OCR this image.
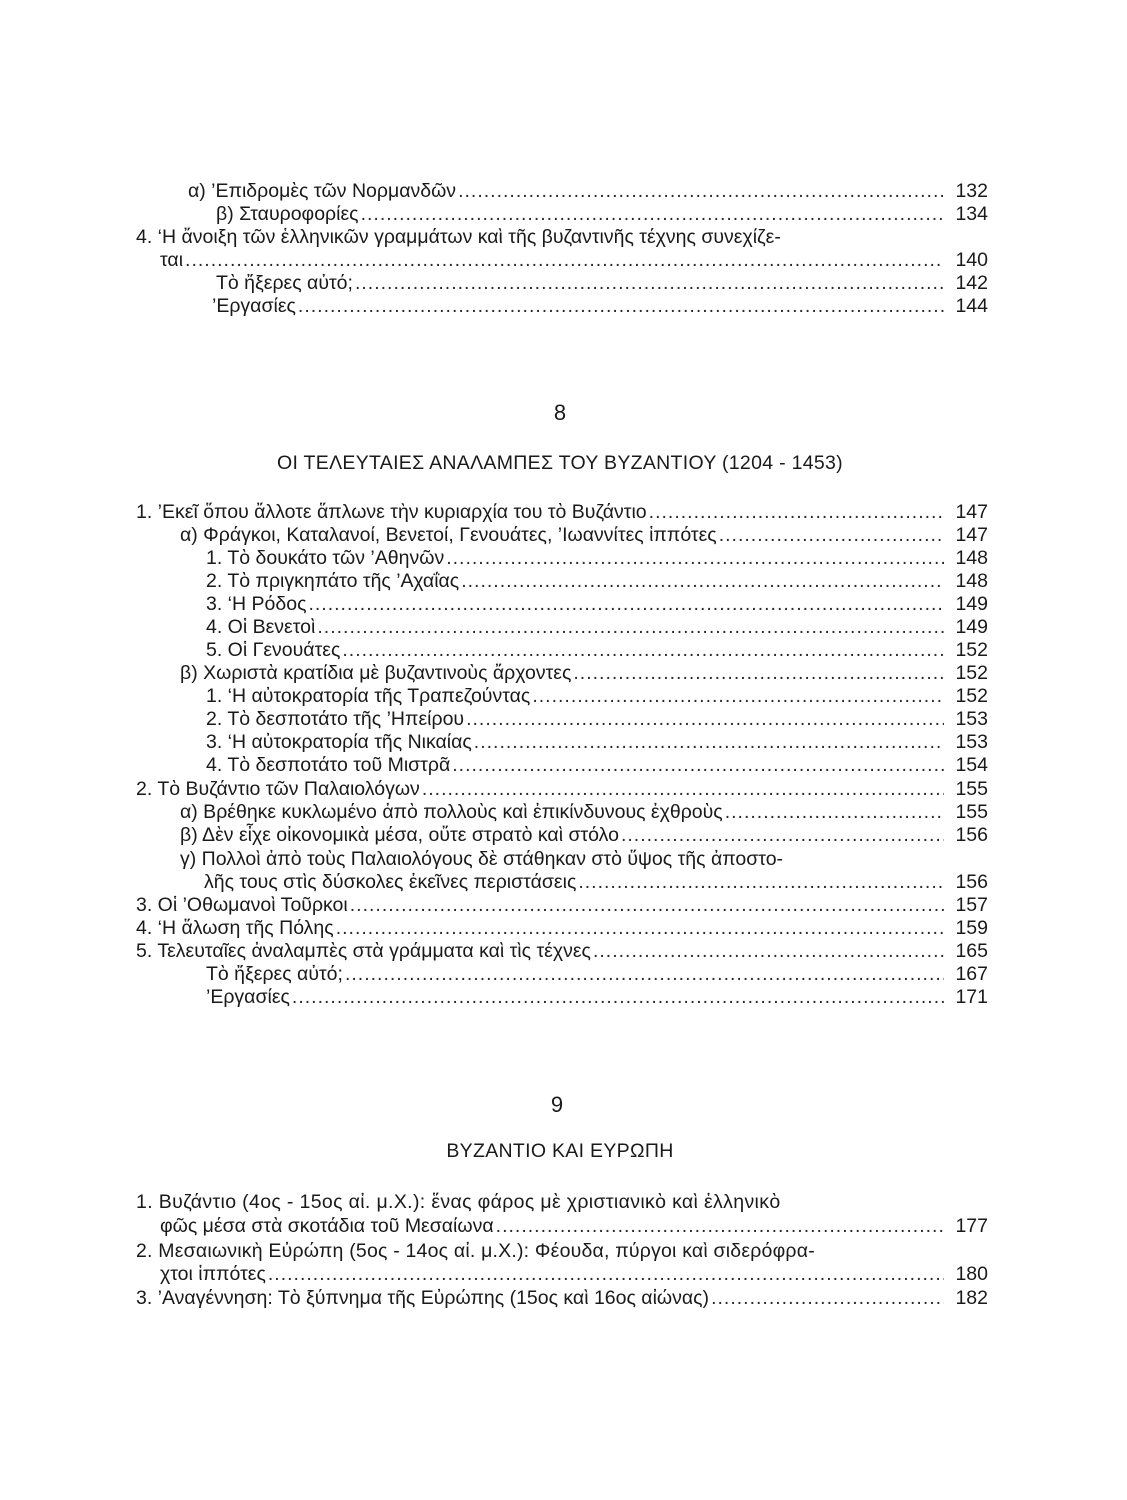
α) ’Επιδρομὲς τῶν Νορμανδῶν .....	132
β) Σταυροφορίες .....	134
4. ‘Η ἄνοιξη τῶν ἑλληνικῶν γραμμάτων καὶ τῆς βυζαντινῆς τέχνης συνεχίζε-
ται .....	140
Τὸ ἤξερες αὐτό; .....	142
’Εργασίες .....	144
8
ΟΙ ΤΕΛΕΥΤΑΙΕΣ ΑΝΑΛΑΜΠΕΣ ΤΟΥ ΒΥΖΑΝΤΙΟΥ (1204 - 1453)
1. ’Εκεῖ ὅπου ἄλλοτε ἅπλωνε τὴν κυριαρχία του τὸ Βυζάντιο .....	147
α) Φράγκοι, Καταλανοί, Βενετοί, Γενουάτες, ’Ιωαννίτες ἱππότες .....	147
1. Τὸ δουκάτο τῶν ’Αθηνῶν .....	148
2. Τὸ πριγκηπάτο τῆς ’Αχαΐας .....	148
3. ‘Η Ρόδος .....	149
4. Οἱ Βενετοὶ .....	149
5. Οἱ Γενουάτες .....	152
β) Χωριστὰ κρατίδια μὲ βυζαντινοὺς ἄρχοντες .....	152
1. ‘Η αὐτοκρατορία τῆς Τραπεζούντας .....	152
2. Τὸ δεσποτάτο τῆς ’Ηπείρου .....	153
3. ‘Η αὐτοκρατορία τῆς Νικαίας .....	153
4. Τὸ δεσποτάτο τοῦ Μιστρᾶ .....	154
2. Τὸ Βυζάντιο τῶν Παλαιολόγων .....	155
α) Βρέθηκε κυκλωμένο ἀπὸ πολλοὺς καὶ ἐπικίνδυνους ἐχθροὺς .....	155
β) Δὲν εἶχε οἰκονομικὰ μέσα, οὔτε στρατὸ καὶ στόλο .....	156
γ) Πολλοὶ ἀπὸ τοὺς Παλαιολόγους δὲ στάθηκαν στὸ ὕψος τῆς ἀποστο-
λῆς τους στὶς δύσκολες ἐκεῖνες περιστάσεις .....	156
3. Οἱ ’Οθωμανοὶ Τοῦρκοι .....	157
4. ‘Η ἅλωση τῆς Πόλης .....	159
5. Τελευταῖες ἀναλαμπὲς στὰ γράμματα καὶ τὶς τέχνες .....	165
Τὸ ἤξερες αὐτό; .....	167
’Εργασίες .....	171
9
ΒΥΖΑΝΤΙΟ ΚΑΙ ΕΥΡΩΠΗ
1. Βυζάντιο (4ος - 15ος αἰ. μ.Χ.): ἕνας φάρος μὲ χριστιανικὸ καὶ ἑλληνικὸ
φῶς μέσα στὰ σκοτάδια τοῦ Μεσαίωνα .....	177
2. Μεσαιωνικὴ Εὐρώπη (5ος - 14ος αἰ. μ.Χ.): Φέουδα, πύργοι καὶ σιδερόφρα-
χτοι ἱππότες .....	180
3. ’Αναγέννηση: Τὸ ξύπνημα τῆς Εὐρώπης (15ος καὶ 16ος αἰώνας) .....	182
